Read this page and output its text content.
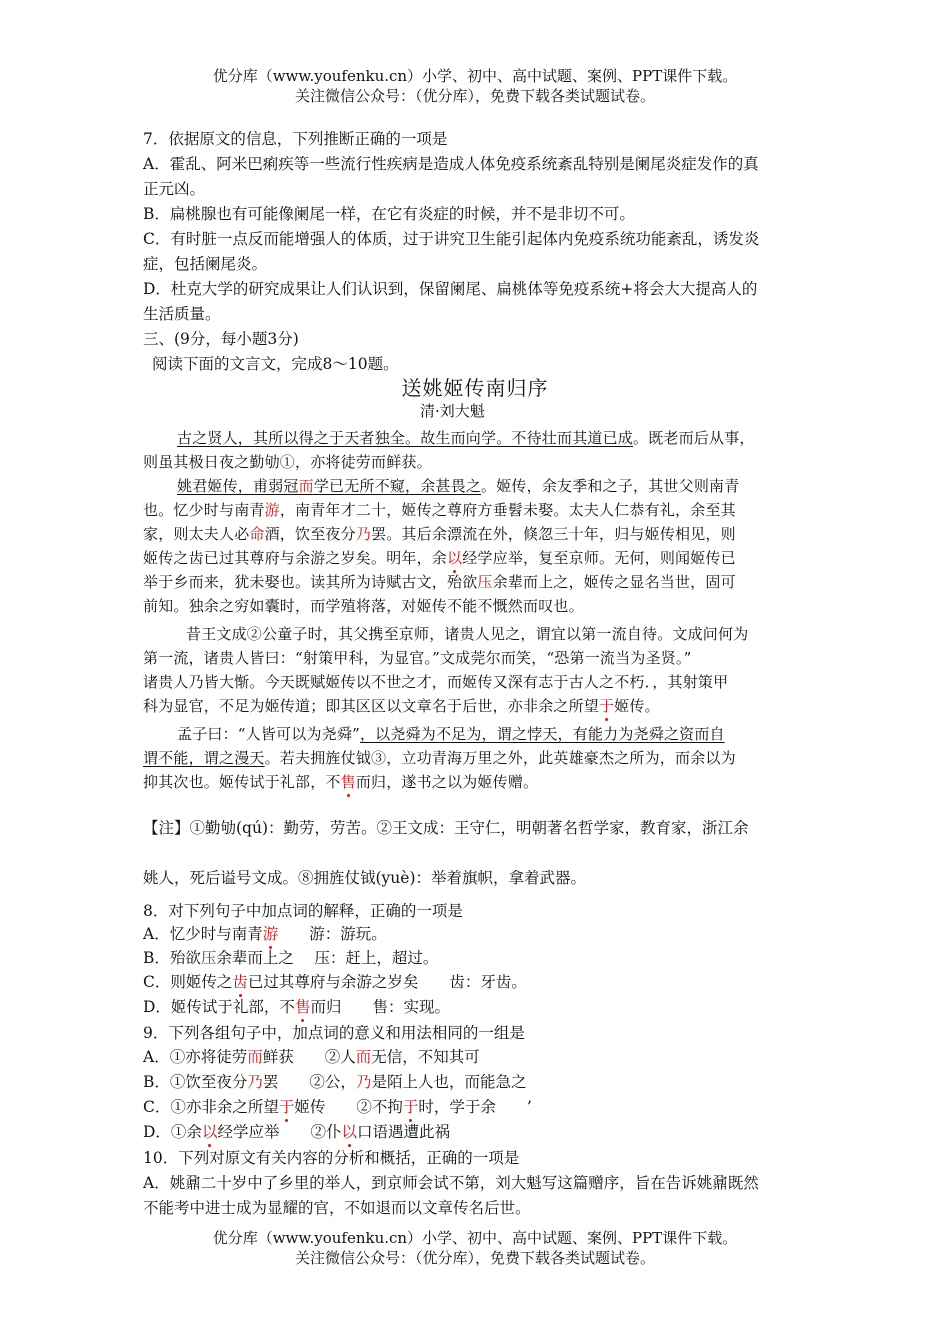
优分库（www.youfenku.cn）小学、初中、高中试题、案例、PPT课件下载。
关注微信公众号：（优分库），免费下载各类试题试卷。
7．依据原文的信息，下列推断正确的一项是
A．霍乱、阿米巴痢疾等一些流行性疾病是造成人体免疫系统紊乱特别是阑尾炎症发作的真
正元凶。
B．扁桃腺也有可能像阑尾一样，在它有炎症的时候，并不是非切不可。
C．有时脏一点反而能增强人的体质，过于讲究卫生能引起体内免疫系统功能紊乱，诱发炎
症，包括阑尾炎。
D．杜克大学的研究成果让人们认识到，保留阑尾、扁桃体等免疫系统+将会大大提高人的
生活质量。
三、(9分，每小题3分)
阅读下面的文言文，完成8～10题。
送姚姬传南归序
清·刘大魁
古之贤人，其所以得之于天者独全。故生而向学。不待壮而其道已成。既老而后从事，
则虽其极日夜之勤劬①，亦将徒劳而鲜获。
姚君姬传，甫弱冠而学已无所不窥，余甚畏之。姬传，余友季和之子，其世父则南青
也。忆少时与南青游，南青年才二十，姬传之尊府方垂髫未娶。太夫人仁恭有礼，余至其
家，则太夫人必命酒，饮至夜分乃罢。其后余漂流在外，倏忽三十年，归与姬传相见，则
姬传之齿已过其尊府与余游之岁矣。明年，余以经学应举，复至京师。无何，则闻姬传已
举于乡而来，犹未娶也。读其所为诗赋古文，殆欲压余辈而上之，姬传之显名当世，固可
前知。独余之穷如囊时，而学殖将落，对姬传不能不慨然而叹也。
昔王文成②公童子时，其父携至京师，诸贵人见之，谓宜以第一流自待。文成问何为
第一流，诸贵人皆曰：“射策甲科，为显官。”文成莞尔而笑，“恐第一流当为圣贤。”
诸贵人乃皆大惭。今天既赋姬传以不世之才，而姬传又深有志于古人之不朽．，其射策甲
科为显官，不足为姬传道；即其区区以文章名于后世，亦非余之所望于姬传。
孟子曰：“人皆可以为尧舜”，以尧舜为不足为，谓之悖天，有能力为尧舜之资而自
谓不能，谓之漫天。若夫拥旌仗钺③，立功青海万里之外，此英雄豪杰之所为，而余以为
抑其次也。姬传试于礼部，不售而归，遂书之以为姬传赠。
【注】①勤劬(qú)：勤劳，劳苦。②王文成：王守仁，明朝著名哲学家，教育家，浙江余
姚人，死后谥号文成。⑧拥旌仗钺(yuè)：举着旗帜，拿着武器。
8．对下列句子中加点词的解释，正确的一项是
A．忆少时与南青游　　游：游玩。
B．殆欲压余辈而上之　 压：赶上，超过。
C．则姬传之齿已过其尊府与余游之岁矣　　齿：牙齿。
D．姬传试于礼部，不售而归　　售：实现。
9．下列各组句子中，加点词的意义和用法相同的一组是
A．①亦将徒劳而鲜获　　②人而无信，不知其可
B．①饮至夜分乃罢　　②公，乃是陌上人也，而能急之
C．①亦非余之所望于姬传　　②不拘于时，学于余　　’
D．①余以经学应举　　②仆以口语遇遭此祸
10．下列对原文有关内容的分析和概括，正确的一项是
A．姚鼐二十岁中了乡里的举人，到京师会试不第，刘大魁写这篇赠序，旨在告诉姚鼐既然
不能考中进士成为显耀的官，不如退而以文章传名后世。
优分库（www.youfenku.cn）小学、初中、高中试题、案例、PPT课件下载。
关注微信公众号：（优分库），免费下载各类试题试卷。
